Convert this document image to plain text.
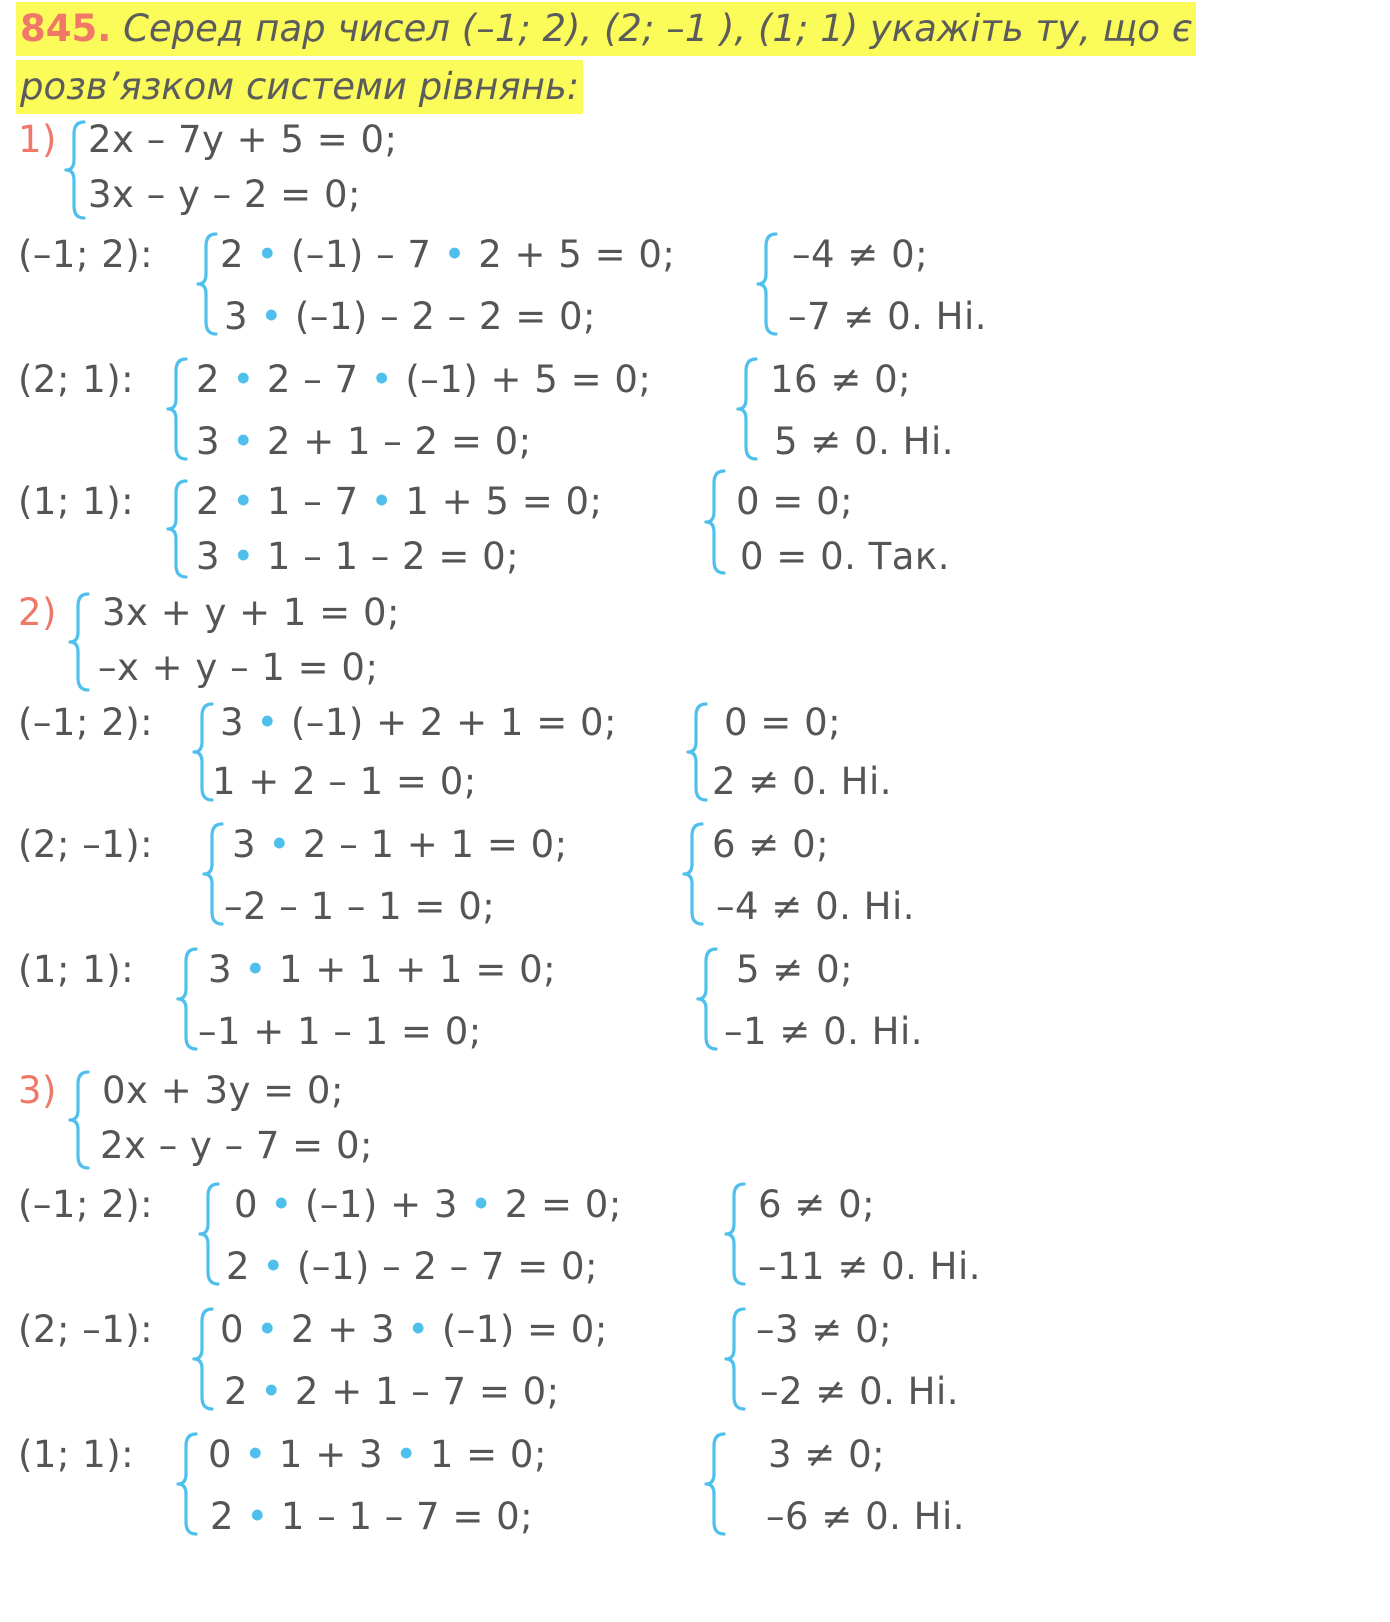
845. Серед пар чисел (–1; 2), (2; –1 ), (1; 1) укажіть ту, що є
розв’язком системи рівнянь:
1) 2x – 7y + 5 = 0;
3x – y – 2 = 0;
(–1; 2): 2 • (–1) – 7 • 2 + 5 = 0;
3 • (–1) – 2 – 2 = 0;
–4 ≠ 0;
–7 ≠ 0. Ні.
(2; 1): 2 • 2 – 7 • (–1) + 5 = 0;
3 • 2 + 1 – 2 = 0;
16 ≠ 0;
5 ≠ 0. Ні.
(1; 1): 2 • 1 – 7 • 1 + 5 = 0;
3 • 1 – 1 – 2 = 0;
0 = 0;
0 = 0. Так.
2) 3x + y + 1 = 0;
–x + y – 1 = 0;
(–1; 2): 3 • (–1) + 2 + 1 = 0;
1 + 2 – 1 = 0;
0 = 0;
2 ≠ 0. Ні.
(2; –1): 3 • 2 – 1 + 1 = 0;
–2 – 1 – 1 = 0;
6 ≠ 0;
–4 ≠ 0. Ні.
(1; 1): 3 • 1 + 1 + 1 = 0;
–1 + 1 – 1 = 0;
5 ≠ 0;
–1 ≠ 0. Ні.
3) 0x + 3y = 0;
2x – y – 7 = 0;
(–1; 2): 0 • (–1) + 3 • 2 = 0;
2 • (–1) – 2 – 7 = 0;
6 ≠ 0;
–11 ≠ 0. Ні.
(2; –1): 0 • 2 + 3 • (–1) = 0;
2 • 2 + 1 – 7 = 0;
–3 ≠ 0;
–2 ≠ 0. Ні.
(1; 1): 0 • 1 + 3 • 1 = 0;
2 • 1 – 1 – 7 = 0;
3 ≠ 0;
–6 ≠ 0. Ні.
